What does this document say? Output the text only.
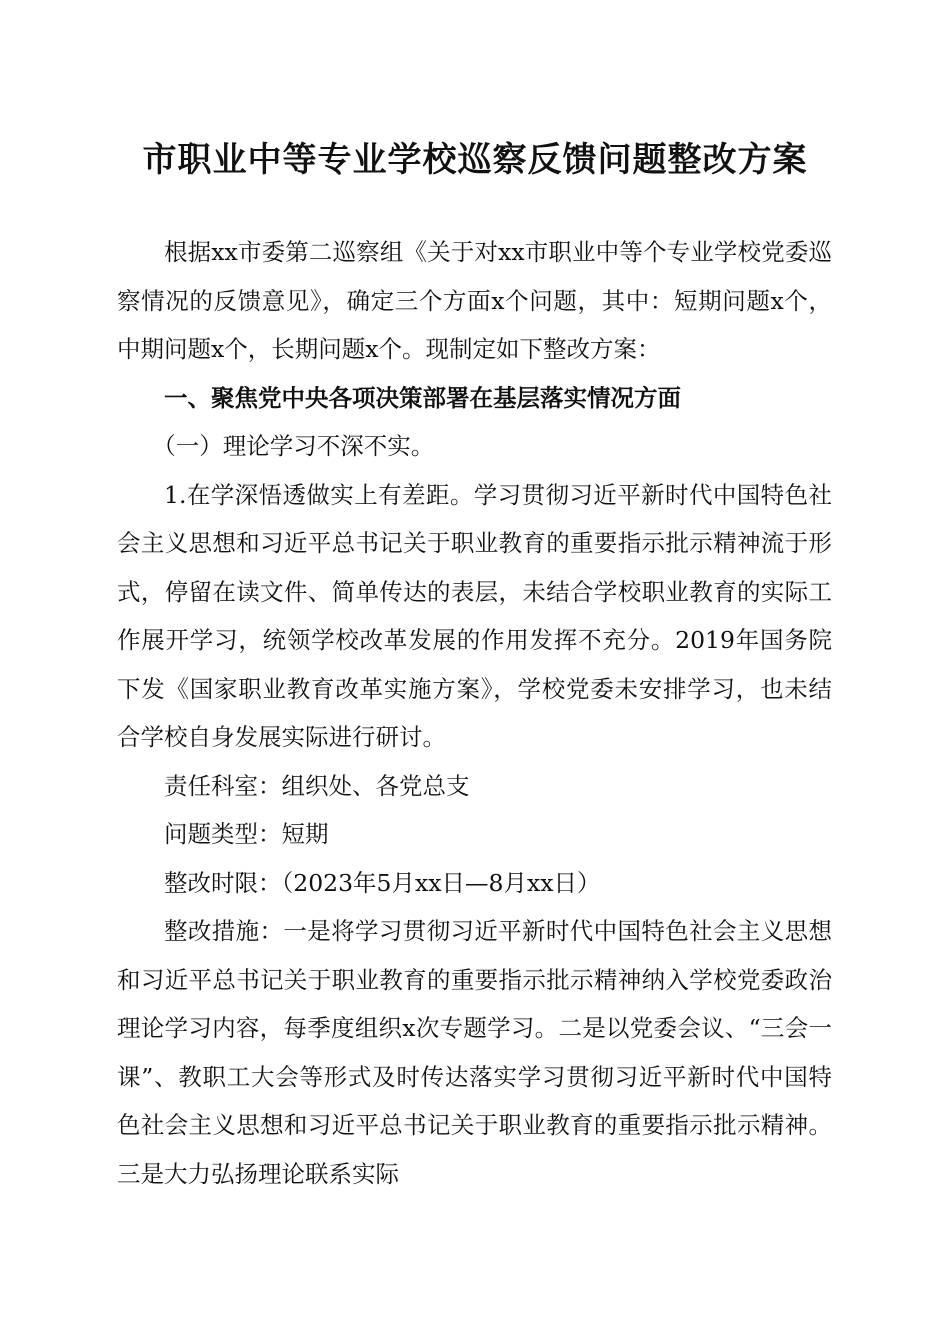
市职业中等专业学校巡察反馈问题整改方案

根据xx市委第二巡察组《关于对xx市职业中等个专业学校党委巡察情况的反馈意见》，确定三个方面x个问题，其中：短期问题x个，中期问题x个，长期问题x个。现制定如下整改方案：

一、聚焦党中央各项决策部署在基层落实情况方面
（一）理论学习不深不实。

1.在学深悟透做实上有差距。学习贯彻习近平新时代中国特色社会主义思想和习近平总书记关于职业教育的重要指示批示精神流于形式，停留在读文件、简单传达的表层，未结合学校职业教育的实际工作展开学习，统领学校改革发展的作用发挥不充分。2019年国务院下发《国家职业教育改革实施方案》，学校党委未安排学习，也未结合学校自身发展实际进行研讨。

责任科室：组织处、各党总支

问题类型：短期

整改时限：（2023年5月xx日—8月xx日）

整改措施：一是将学习贯彻习近平新时代中国特色社会主义思想和习近平总书记关于职业教育的重要指示批示精神纳入学校党委政治理论学习内容，每季度组织x次专题学习。二是以党委会议、“三会一课”、教职工大会等形式及时传达落实学习贯彻习近平新时代中国特色社会主义思想和习近平总书记关于职业教育的重要指示批示精神。三是大力弘扬理论联系实际
